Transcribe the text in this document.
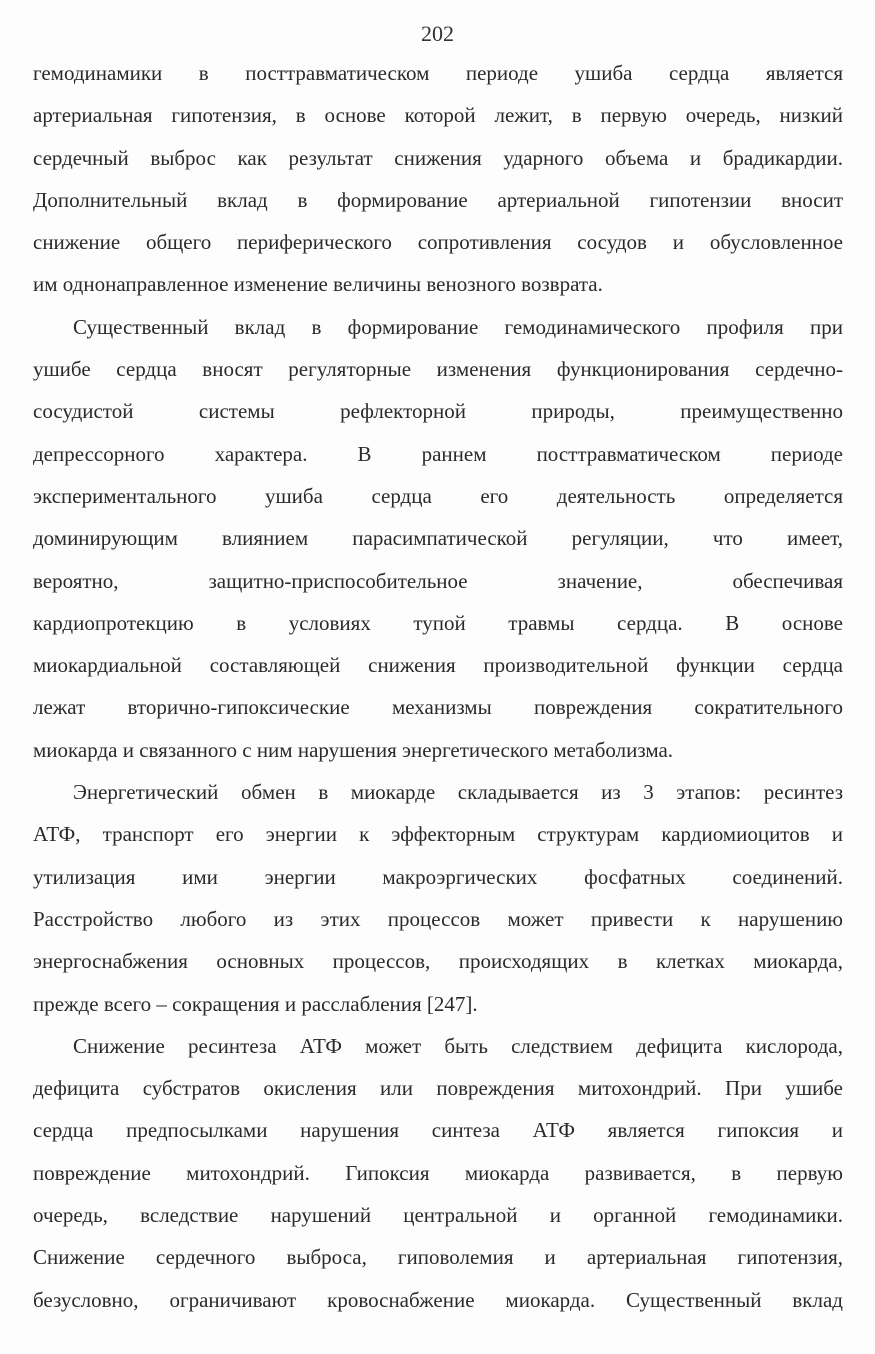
202
гемодинамики в посттравматическом периоде ушиба сердца является
артериальная гипотензия, в основе которой лежит, в первую очередь, низкий
сердечный выброс как результат снижения ударного объема и брадикардии.
Дополнительный вклад в формирование артериальной гипотензии вносит
снижение общего периферического сопротивления сосудов и обусловленное
им однонаправленное изменение величины венозного возврата.
Существенный вклад в формирование гемодинамического профиля при
ушибе сердца вносят регуляторные изменения функционирования сердечно-
сосудистой системы рефлекторной природы, преимущественно
депрессорного характера. В раннем посттравматическом периоде
экспериментального ушиба сердца его деятельность определяется
доминирующим влиянием парасимпатической регуляции, что имеет,
вероятно, защитно-приспособительное значение, обеспечивая
кардиопротекцию в условиях тупой травмы сердца. В основе
миокардиальной составляющей снижения производительной функции сердца
лежат вторично-гипоксические механизмы повреждения сократительного
миокарда и связанного с ним нарушения энергетического метаболизма.
Энергетический обмен в миокарде складывается из 3 этапов: ресинтез
АТФ, транспорт его энергии к эффекторным структурам кардиомиоцитов и
утилизация ими энергии макроэргических фосфатных соединений.
Расстройство любого из этих процессов может привести к нарушению
энергоснабжения основных процессов, происходящих в клетках миокарда,
прежде всего – сокращения и расслабления [247].
Снижение ресинтеза АТФ может быть следствием дефицита кислорода,
дефицита субстратов окисления или повреждения митохондрий. При ушибе
сердца предпосылками нарушения синтеза АТФ является гипоксия и
повреждение митохондрий. Гипоксия миокарда развивается, в первую
очередь, вследствие нарушений центральной и органной гемодинамики.
Снижение сердечного выброса, гиповолемия и артериальная гипотензия,
безусловно, ограничивают кровоснабжение миокарда. Существенный вклад
